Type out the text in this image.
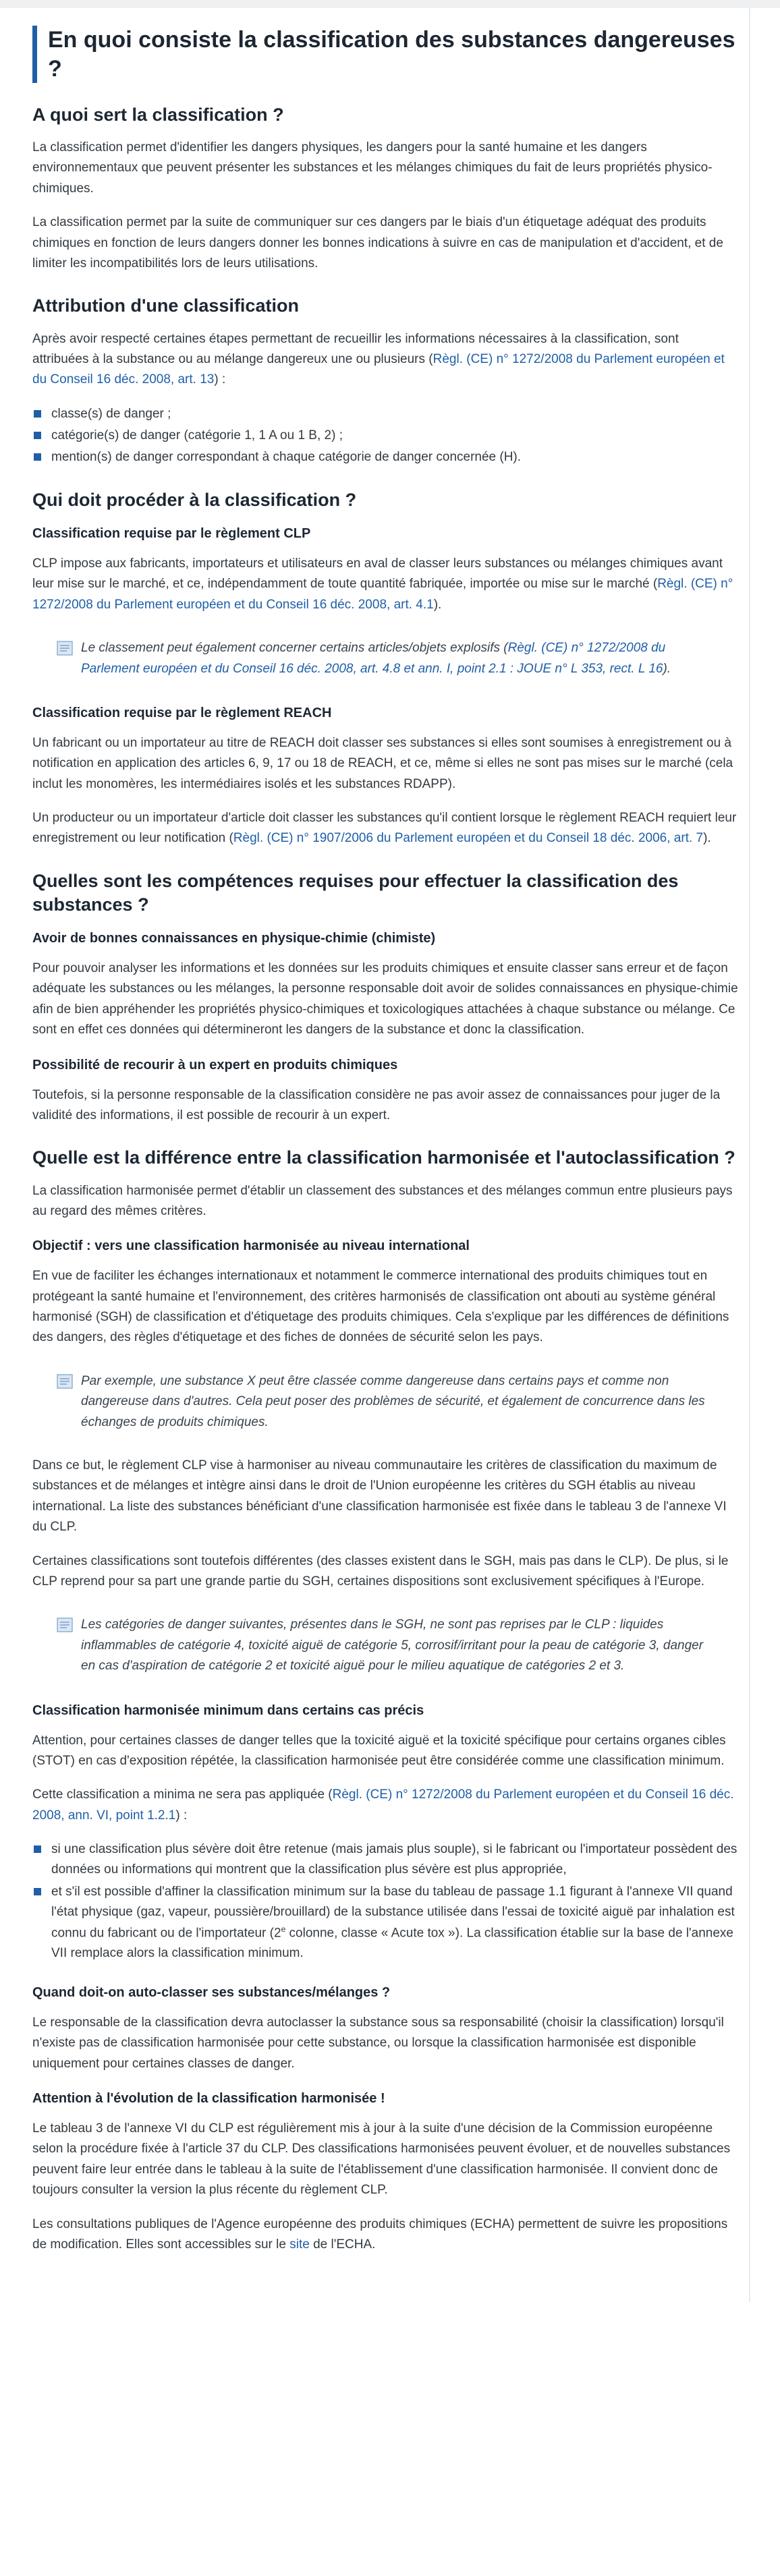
En quoi consiste la classification des substances dangereuses ?
A quoi sert la classification ?

La classification permet d'identifier les dangers physiques, les dangers pour la santé humaine et les dangers environnementaux que peuvent présenter les substances et les mélanges chimiques du fait de leurs propriétés physico-chimiques.

La classification permet par la suite de communiquer sur ces dangers par le biais d'un étiquetage adéquat des produits chimiques en fonction de leurs dangers donner les bonnes indications à suivre en cas de manipulation et d'accident, et de limiter les incompatibilités lors de leurs utilisations.

Attribution d'une classification

Après avoir respecté certaines étapes permettant de recueillir les informations nécessaires à la classification, sont attribuées à la substance ou au mélange dangereux une ou plusieurs (Règl. (CE) n° 1272/2008 du Parlement européen et du Conseil 16 déc. 2008, art. 13) :

classe(s) de danger ;
catégorie(s) de danger (catégorie 1, 1 A ou 1 B, 2) ;
mention(s) de danger correspondant à chaque catégorie de danger concernée (H).
Qui doit procéder à la classification ?
Classification requise par le règlement CLP

CLP impose aux fabricants, importateurs et utilisateurs en aval de classer leurs substances ou mélanges chimiques avant leur mise sur le marché, et ce, indépendamment de toute quantité fabriquée, importée ou mise sur le marché (Règl. (CE) n° 1272/2008 du Parlement européen et du Conseil 16 déc. 2008, art. 4.1).

Le classement peut également concerner certains articles/objets explosifs (Règl. (CE) n° 1272/2008 du Parlement européen et du Conseil 16 déc. 2008, art. 4.8 et ann. I, point 2.1 : JOUE n° L 353, rect. L 16).

Classification requise par le règlement REACH

Un fabricant ou un importateur au titre de REACH doit classer ses substances si elles sont soumises à enregistrement ou à notification en application des articles 6, 9, 17 ou 18 de REACH, et ce, même si elles ne sont pas mises sur le marché (cela inclut les monomères, les intermédiaires isolés et les substances RDAPP).

Un producteur ou un importateur d'article doit classer les substances qu'il contient lorsque le règlement REACH requiert leur enregistrement ou leur notification (Règl. (CE) n° 1907/2006 du Parlement européen et du Conseil 18 déc. 2006, art. 7).

Quelles sont les compétences requises pour effectuer la classification des substances ?
Avoir de bonnes connaissances en physique-chimie (chimiste)

Pour pouvoir analyser les informations et les données sur les produits chimiques et ensuite classer sans erreur et de façon adéquate les substances ou les mélanges, la personne responsable doit avoir de solides connaissances en physique-chimie afin de bien appréhender les propriétés physico-chimiques et toxicologiques attachées à chaque substance ou mélange. Ce sont en effet ces données qui détermineront les dangers de la substance et donc la classification.

Possibilité de recourir à un expert en produits chimiques

Toutefois, si la personne responsable de la classification considère ne pas avoir assez de connaissances pour juger de la validité des informations, il est possible de recourir à un expert.

Quelle est la différence entre la classification harmonisée et l'autoclassification ?

La classification harmonisée permet d'établir un classement des substances et des mélanges commun entre plusieurs pays au regard des mêmes critères.

Objectif : vers une classification harmonisée au niveau international

En vue de faciliter les échanges internationaux et notamment le commerce international des produits chimiques tout en protégeant la santé humaine et l'environnement, des critères harmonisés de classification ont abouti au système général harmonisé (SGH) de classification et d'étiquetage des produits chimiques. Cela s'explique par les différences de définitions des dangers, des règles d'étiquetage et des fiches de données de sécurité selon les pays.

Par exemple, une substance X peut être classée comme dangereuse dans certains pays et comme non dangereuse dans d'autres. Cela peut poser des problèmes de sécurité, et également de concurrence dans les échanges de produits chimiques.

Dans ce but, le règlement CLP vise à harmoniser au niveau communautaire les critères de classification du maximum de substances et de mélanges et intègre ainsi dans le droit de l'Union européenne les critères du SGH établis au niveau international. La liste des substances bénéficiant d'une classification harmonisée est fixée dans le tableau 3 de l'annexe VI du CLP.

Certaines classifications sont toutefois différentes (des classes existent dans le SGH, mais pas dans le CLP). De plus, si le CLP reprend pour sa part une grande partie du SGH, certaines dispositions sont exclusivement spécifiques à l'Europe.

Les catégories de danger suivantes, présentes dans le SGH, ne sont pas reprises par le CLP : liquides inflammables de catégorie 4, toxicité aiguë de catégorie 5, corrosif/irritant pour la peau de catégorie 3, danger en cas d'aspiration de catégorie 2 et toxicité aiguë pour le milieu aquatique de catégories 2 et 3.

Classification harmonisée minimum dans certains cas précis

Attention, pour certaines classes de danger telles que la toxicité aiguë et la toxicité spécifique pour certains organes cibles (STOT) en cas d'exposition répétée, la classification harmonisée peut être considérée comme une classification minimum.

Cette classification a minima ne sera pas appliquée (Règl. (CE) n° 1272/2008 du Parlement européen et du Conseil 16 déc. 2008, ann. VI, point 1.2.1) :

si une classification plus sévère doit être retenue (mais jamais plus souple), si le fabricant ou l'importateur possèdent des données ou informations qui montrent que la classification plus sévère est plus appropriée,
et s'il est possible d'affiner la classification minimum sur la base du tableau de passage 1.1 figurant à l'annexe VII quand l'état physique (gaz, vapeur, poussière/brouillard) de la substance utilisée dans l'essai de toxicité aiguë par inhalation est connu du fabricant ou de l'importateur (2e colonne, classe « Acute tox »). La classification établie sur la base de l'annexe VII remplace alors la classification minimum.
Quand doit-on auto-classer ses substances/mélanges ?

Le responsable de la classification devra autoclasser la substance sous sa responsabilité (choisir la classification) lorsqu'il n'existe pas de classification harmonisée pour cette substance, ou lorsque la classification harmonisée est disponible uniquement pour certaines classes de danger.

Attention à l'évolution de la classification harmonisée !

Le tableau 3 de l'annexe VI du CLP est régulièrement mis à jour à la suite d'une décision de la Commission européenne selon la procédure fixée à l'article 37 du CLP. Des classifications harmonisées peuvent évoluer, et de nouvelles substances peuvent faire leur entrée dans le tableau à la suite de l'établissement d'une classification harmonisée. Il convient donc de toujours consulter la version la plus récente du règlement CLP.

Les consultations publiques de l'Agence européenne des produits chimiques (ECHA) permettent de suivre les propositions de modification. Elles sont accessibles sur le site de l'ECHA.
